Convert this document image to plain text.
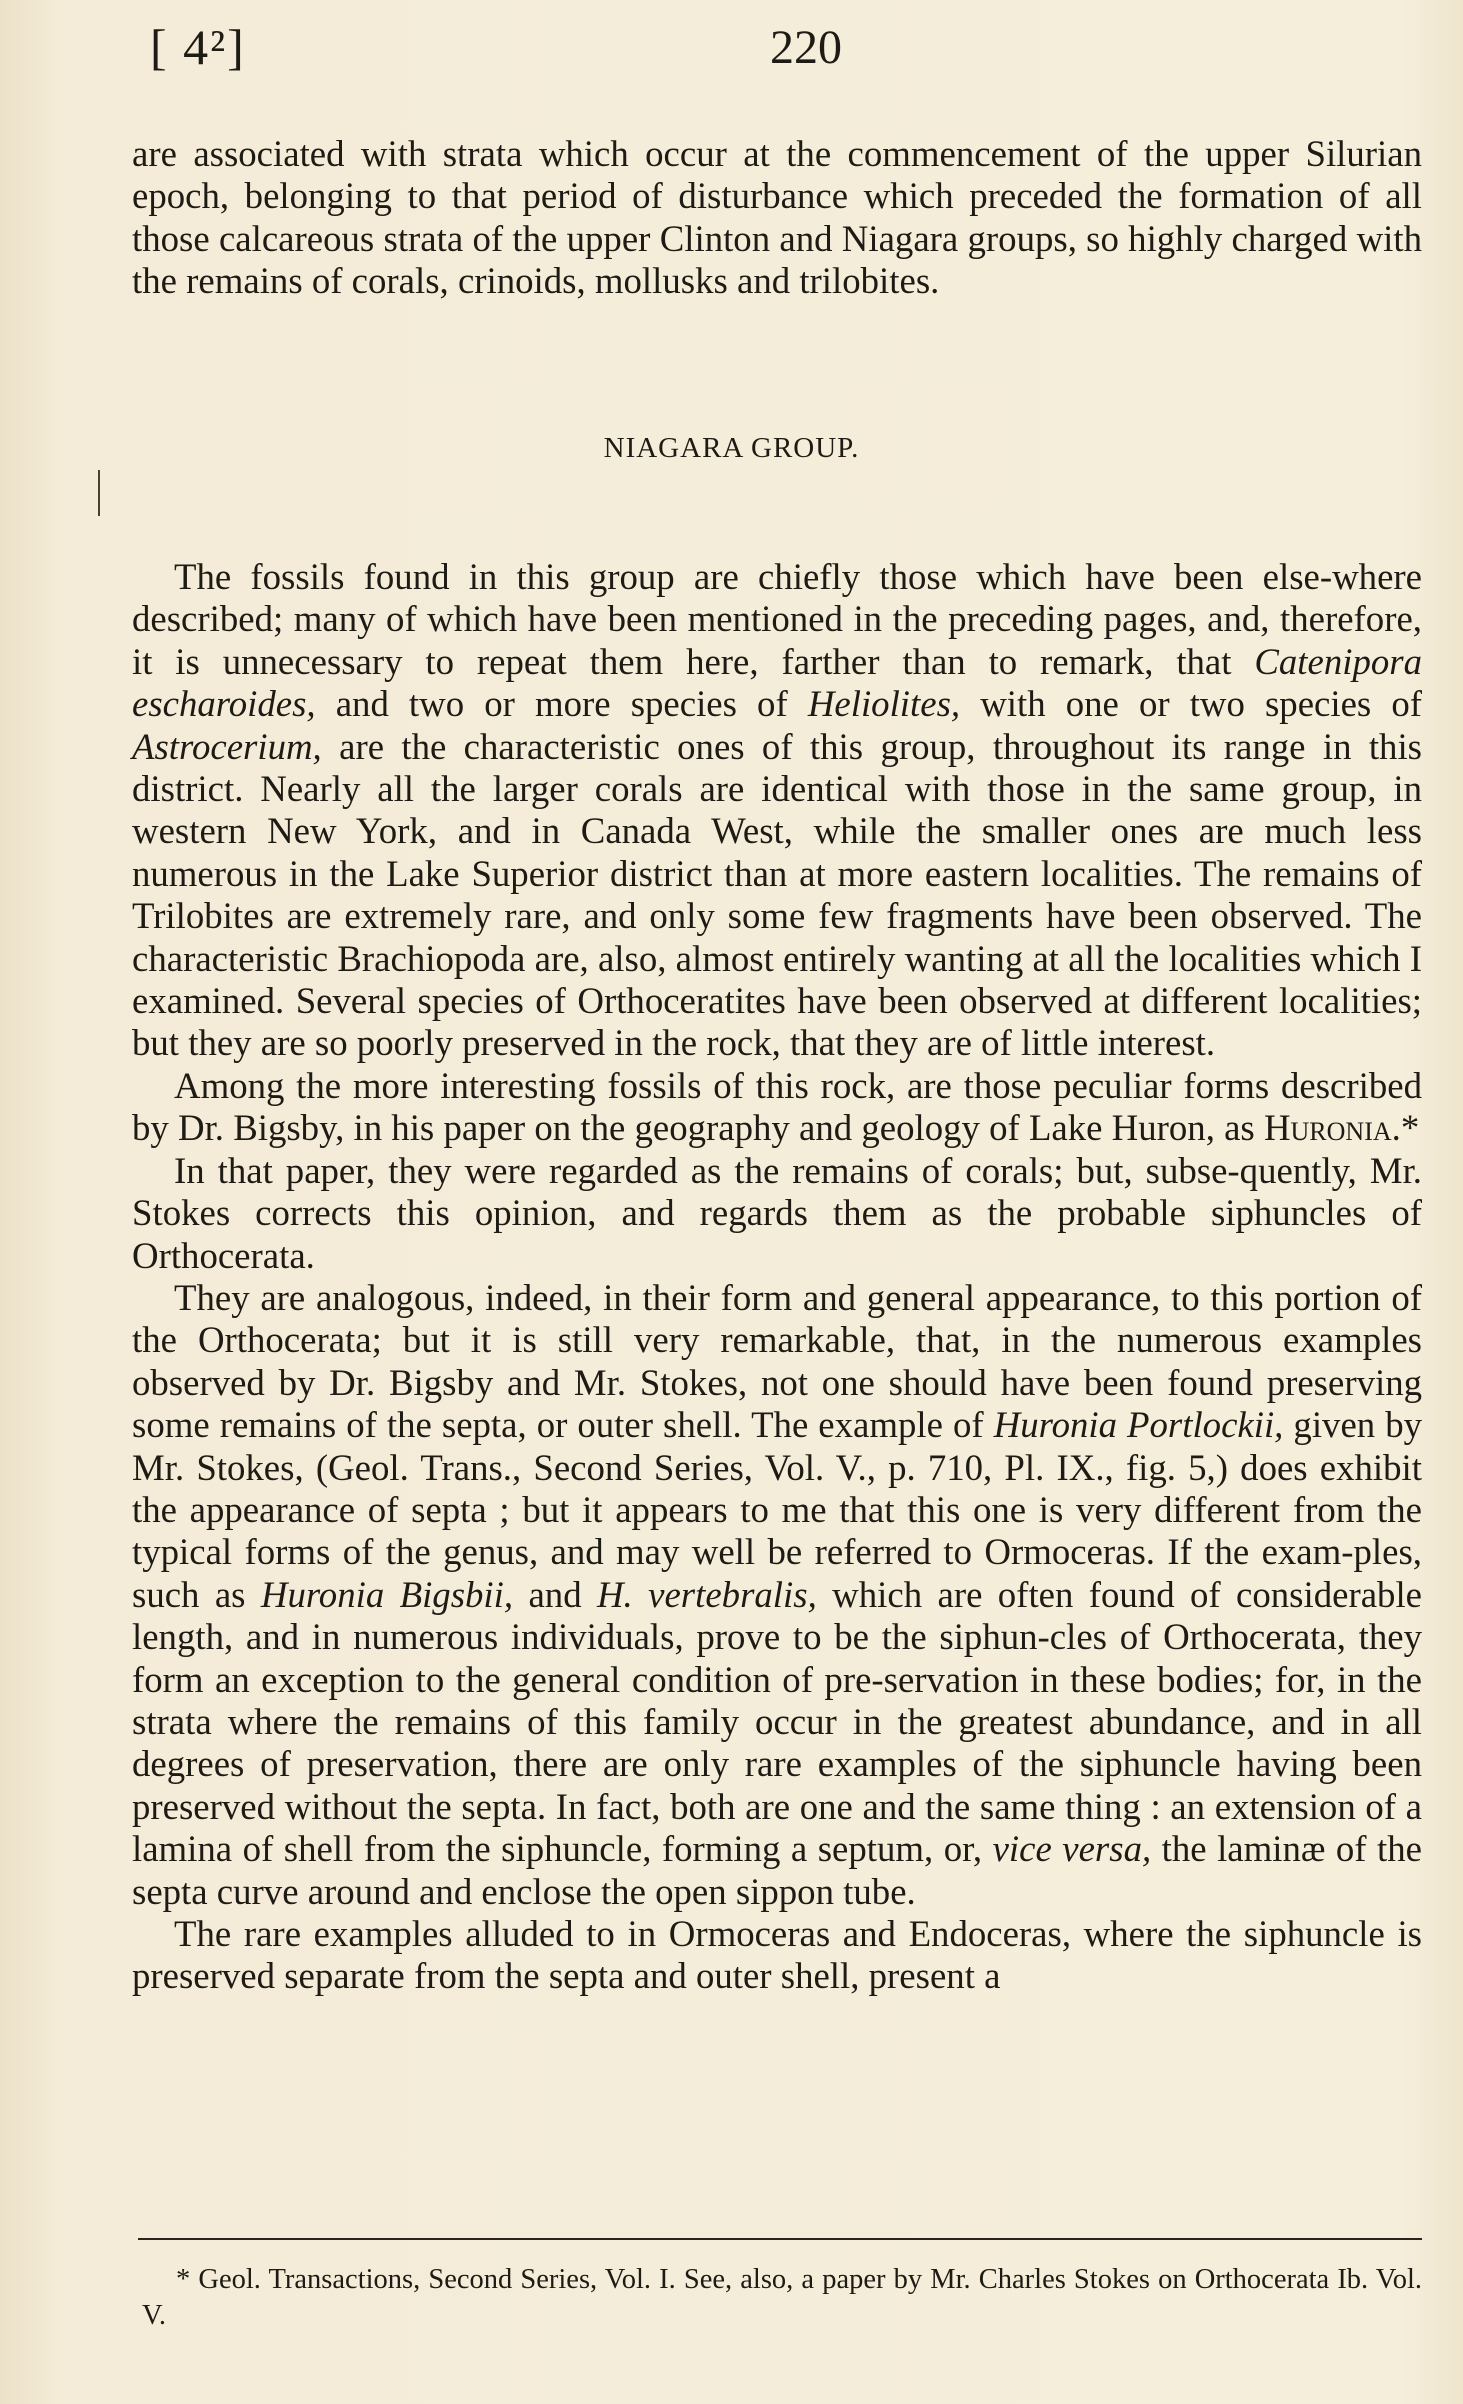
[ 4²]	220

are associated with strata which occur at the commencement of the upper Silurian epoch, belonging to that period of disturbance which preceded the formation of all those calcareous strata of the upper Clinton and Niagara groups, so highly charged with the remains of corals, crinoids, mollusks and trilobites.

NIAGARA GROUP.

The fossils found in this group are chiefly those which have been else-where described; many of which have been mentioned in the preceding pages, and, therefore, it is unnecessary to repeat them here, farther than to remark, that Catenipora escharoides, and two or more species of Heliolites, with one or two species of Astrocerium, are the characteristic ones of this group, throughout its range in this district. Nearly all the larger corals are identical with those in the same group, in western New York, and in Canada West, while the smaller ones are much less numerous in the Lake Superior district than at more eastern localities. The remains of Trilobites are extremely rare, and only some few fragments have been observed. The characteristic Brachiopoda are, also, almost entirely wanting at all the localities which I examined. Several species of Orthoceratites have been observed at different localities; but they are so poorly preserved in the rock, that they are of little interest.

Among the more interesting fossils of this rock, are those peculiar forms described by Dr. Bigsby, in his paper on the geography and geology of Lake Huron, as Huronia.*

In that paper, they were regarded as the remains of corals; but, subse-quently, Mr. Stokes corrects this opinion, and regards them as the probable siphuncles of Orthocerata.

They are analogous, indeed, in their form and general appearance, to this portion of the Orthocerata; but it is still very remarkable, that, in the numerous examples observed by Dr. Bigsby and Mr. Stokes, not one should have been found preserving some remains of the septa, or outer shell. The example of Huronia Portlockii, given by Mr. Stokes, (Geol. Trans., Second Series, Vol. V., p. 710, Pl. IX., fig. 5,) does exhibit the appearance of septa ; but it appears to me that this one is very different from the typical forms of the genus, and may well be referred to Ormoceras. If the exam-ples, such as Huronia Bigsbii, and H. vertebralis, which are often found of considerable length, and in numerous individuals, prove to be the siphun-cles of Orthocerata, they form an exception to the general condition of pre-servation in these bodies; for, in the strata where the remains of this family occur in the greatest abundance, and in all degrees of preservation, there are only rare examples of the siphuncle having been preserved without the septa. In fact, both are one and the same thing : an extension of a lamina of shell from the siphuncle, forming a septum, or, vice versa, the laminæ of the septa curve around and enclose the open sippon tube.

The rare examples alluded to in Ormoceras and Endoceras, where the siphuncle is preserved separate from the septa and outer shell, present a

* Geol. Transactions, Second Series, Vol. I. See, also, a paper by Mr. Charles Stokes on Orthocerata Ib. Vol. V.
